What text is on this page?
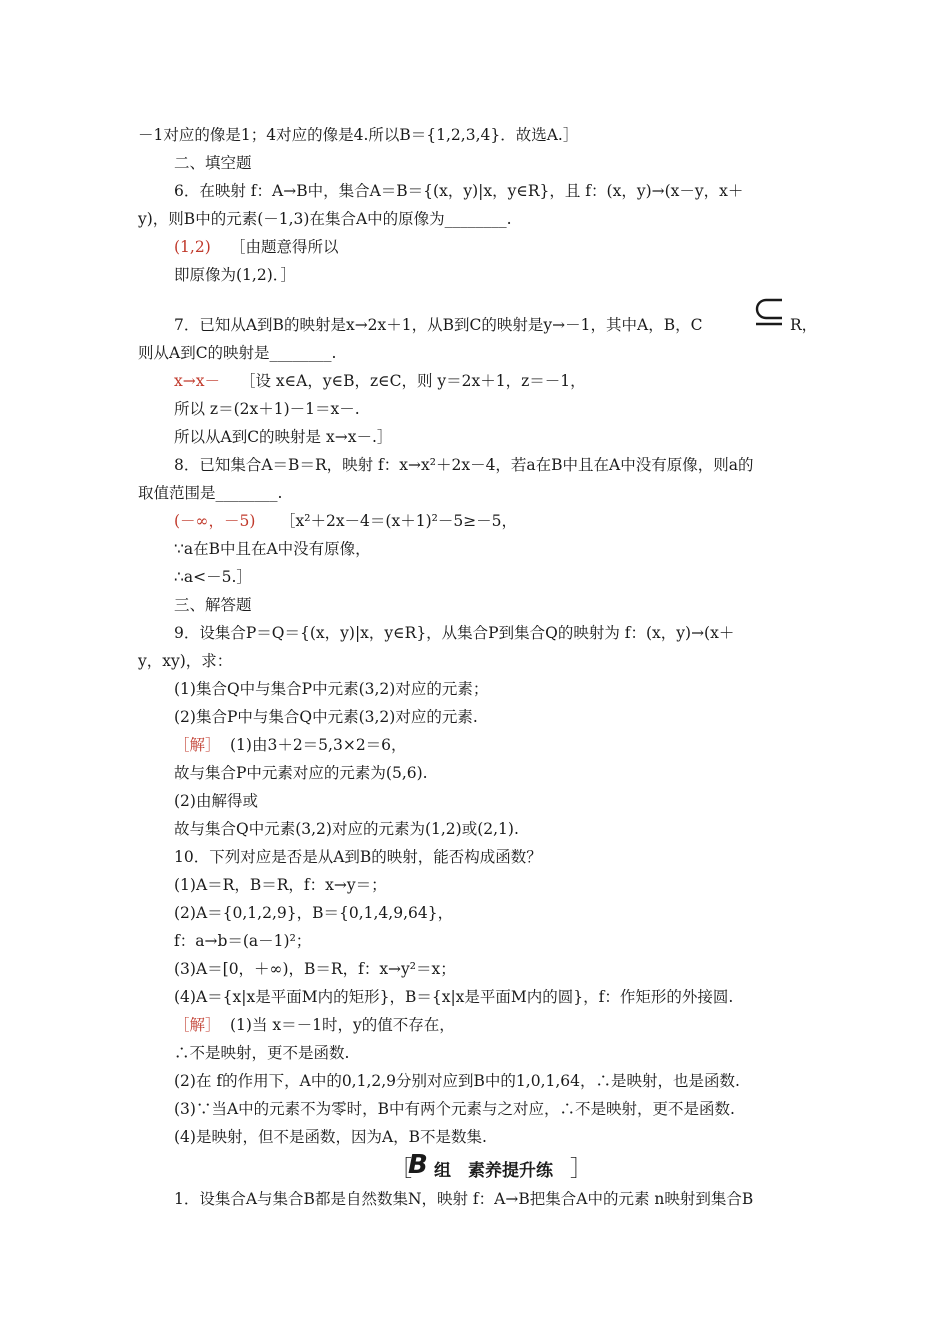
－1对应的像是1；4对应的像是4.所以B＝{1,2,3,4}．故选A.］
二、填空题
6．在映射 f：A→B中，集合A＝B＝{(x，y)|x，y∈R}，且 f：(x，y)→(x－y，x＋
y)，则B中的元素(－1,3)在集合A中的原像为________.
(1,2) ［由题意得所以
即原像为(1,2)．］
7．已知从A到B的映射是x→2x＋1，从B到C的映射是y→－1，其中A，B，C	R，
则从A到C的映射是________.
x→x－ ［设 x∈A，y∈B，z∈C，则 y＝2x＋1，z＝－1，
所以 z＝(2x＋1)－1＝x－.
所以从A到C的映射是 x→x－.］
8．已知集合A＝B＝R，映射 f：x→x²＋2x－4，若a在B中且在A中没有原像，则a的
取值范围是________.
(－∞，－5) ［x²＋2x－4＝(x＋1)²－5≥－5，
∵a在B中且在A中没有原像，
∴a<－5.］
三、解答题
9．设集合P＝Q＝{(x，y)|x，y∈R}，从集合P到集合Q的映射为 f：(x，y)→(x＋
y，xy)，求：
(1)集合Q中与集合P中元素(3,2)对应的元素；
(2)集合P中与集合Q中元素(3,2)对应的元素.
［解］ (1)由3＋2＝5,3×2＝6，
故与集合P中元素对应的元素为(5,6).
(2)由解得或
故与集合Q中元素(3,2)对应的元素为(1,2)或(2,1).
10．下列对应是否是从A到B的映射，能否构成函数？
(1)A＝R，B＝R，f：x→y＝；
(2)A＝{0,1,2,9}，B＝{0,1,4,9,64}，
f：a→b＝(a－1)²；
(3)A＝[0，＋∞)，B＝R，f：x→y²＝x；
(4)A＝{x|x是平面M内的矩形}，B＝{x|x是平面M内的圆}，f：作矩形的外接圆.
［解］ (1)当 x＝－1时，y的值不存在，
∴不是映射，更不是函数.
(2)在 f的作用下，A中的0,1,2,9分别对应到B中的1,0,1,64，∴是映射，也是函数.
(3)∵当A中的元素不为零时，B中有两个元素与之对应，∴不是映射，更不是函数.
(4)是映射，但不是函数，因为A，B不是数集.
［
B 组　素养提升练 ］
1．设集合A与集合B都是自然数集N，映射 f：A→B把集合A中的元素 n映射到集合B
